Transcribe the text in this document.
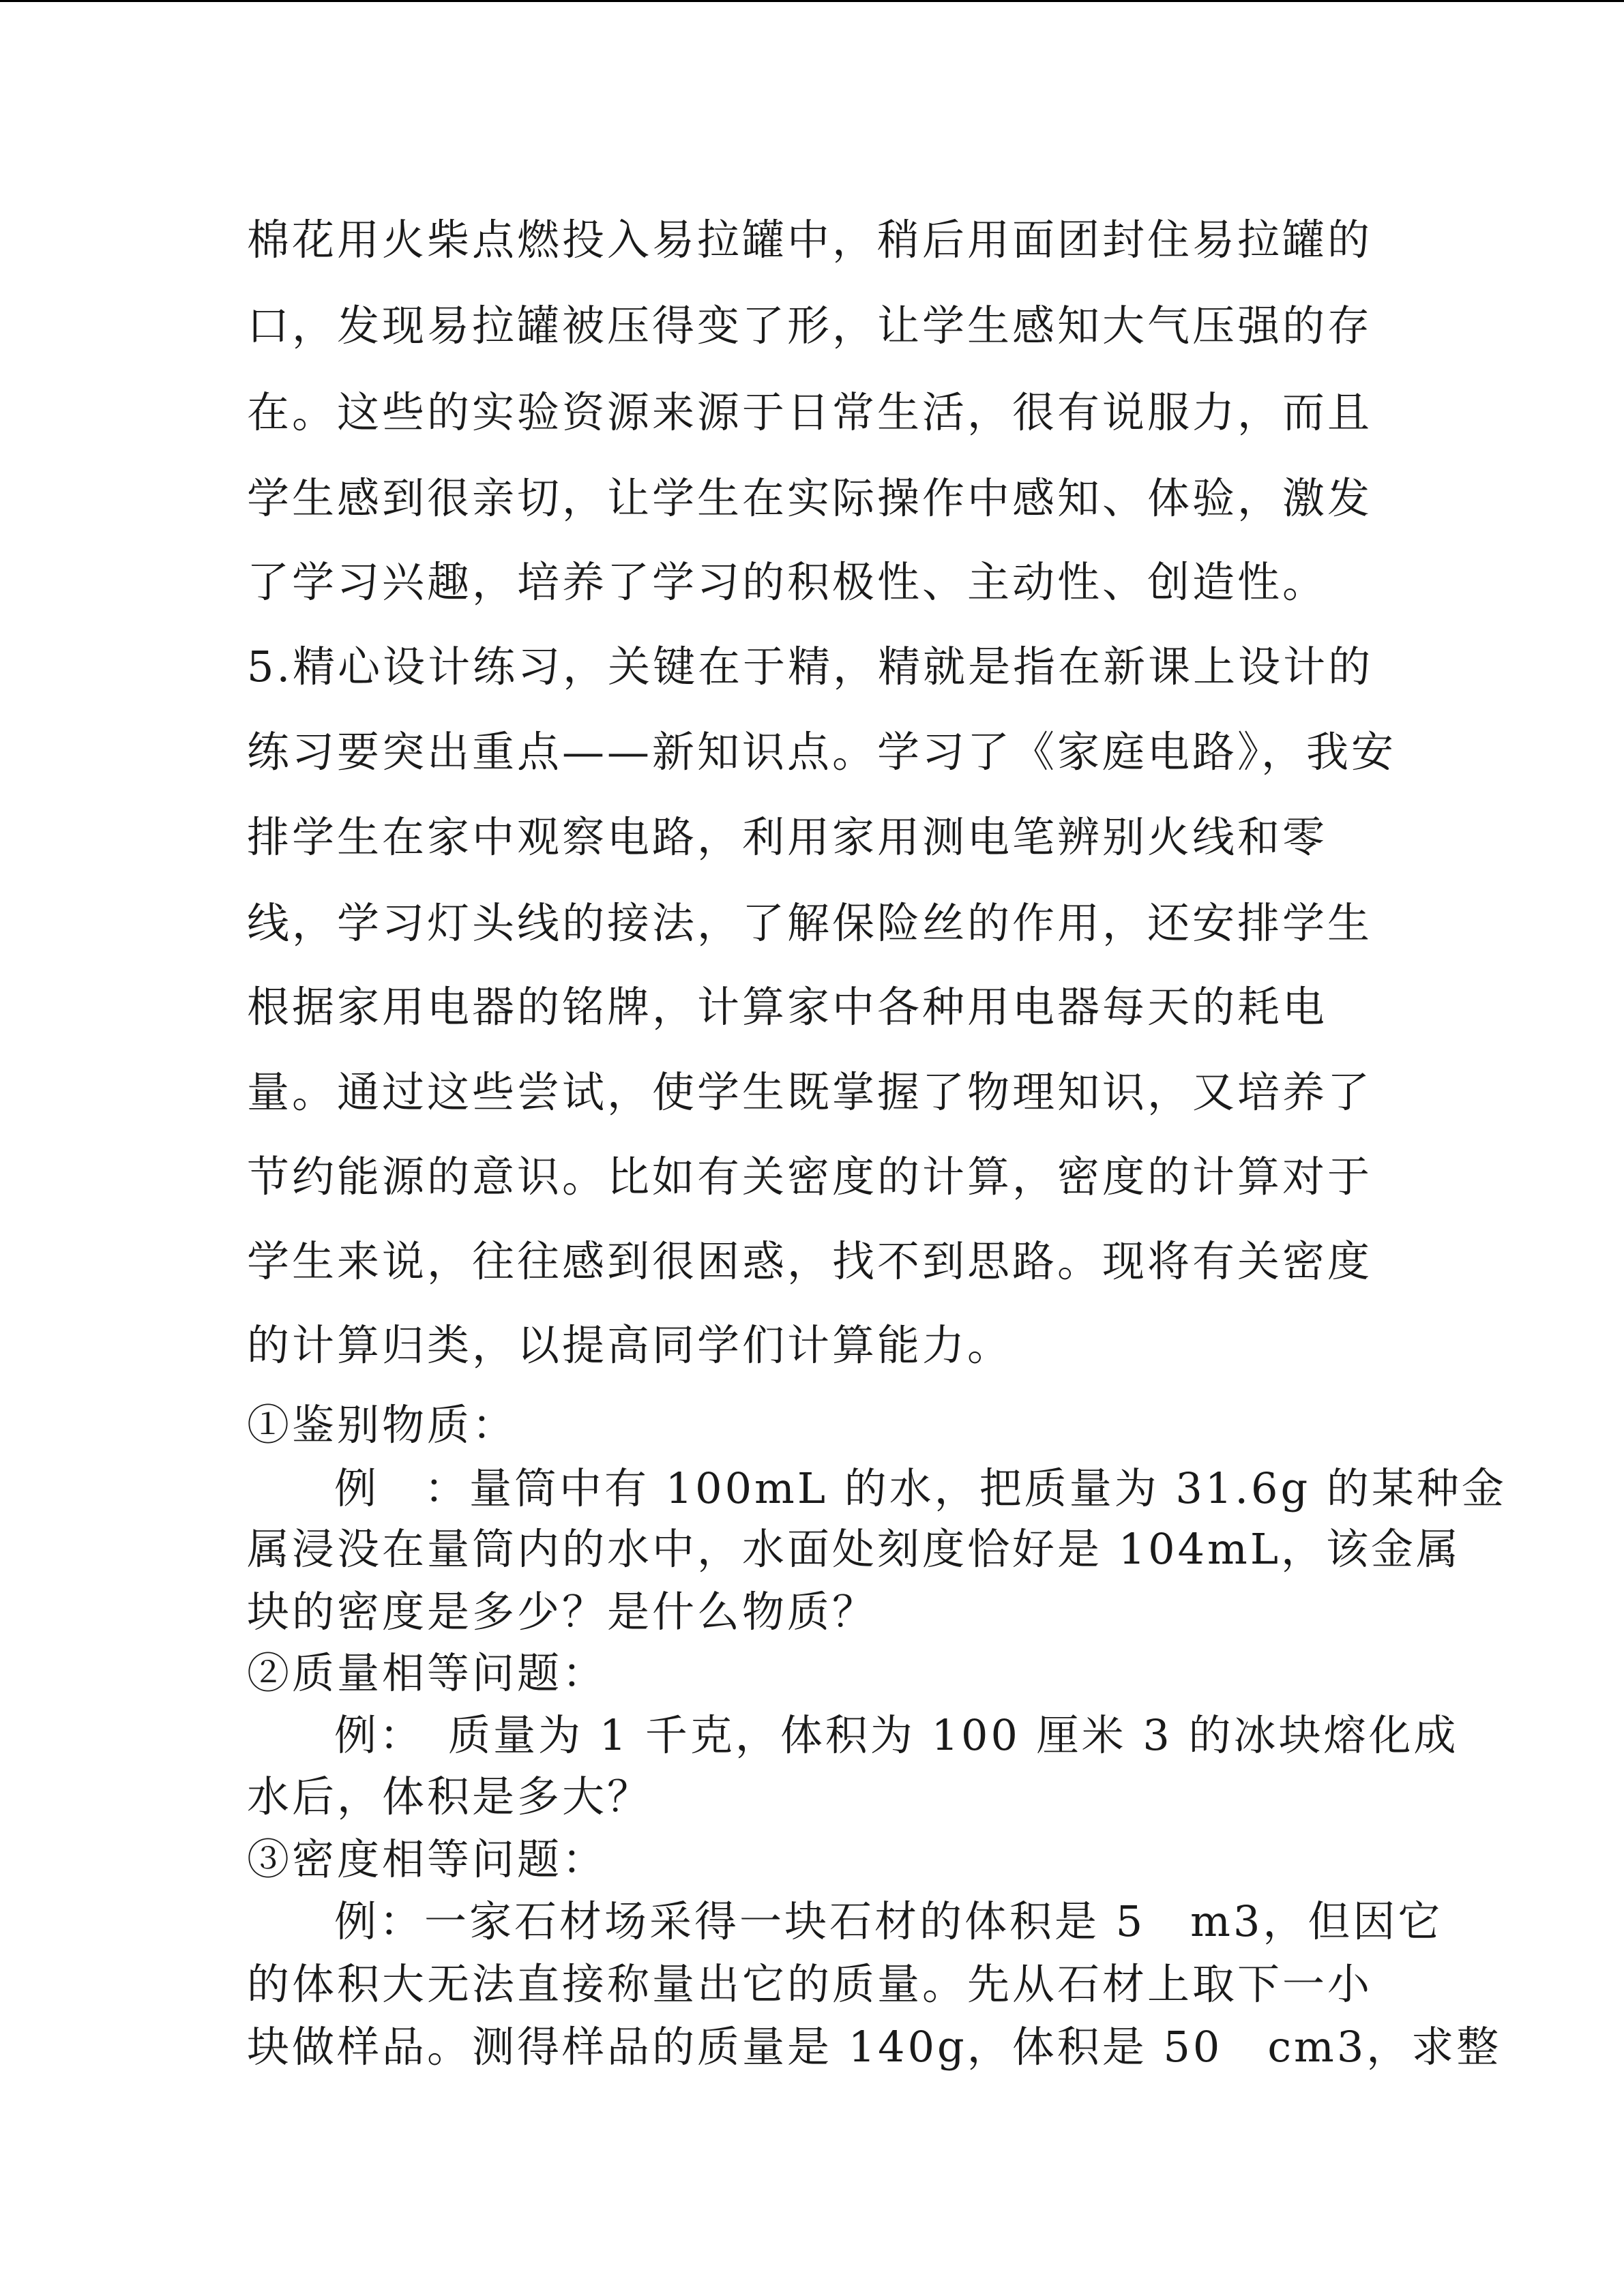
棉花用火柴点燃投入易拉罐中，稍后用面团封住易拉罐的
口，发现易拉罐被压得变了形，让学生感知大气压强的存
在。这些的实验资源来源于日常生活，很有说服力，而且
学生感到很亲切，让学生在实际操作中感知、体验，激发
了学习兴趣，培养了学习的积极性、主动性、创造性。
5.精心设计练习，关键在于精，精就是指在新课上设计的
练习要突出重点——新知识点。学习了《家庭电路》，我安
排学生在家中观察电路，利用家用测电笔辨别火线和零
线，学习灯头线的接法，了解保险丝的作用，还安排学生
根据家用电器的铭牌，计算家中各种用电器每天的耗电
量。通过这些尝试，使学生既掌握了物理知识，又培养了
节约能源的意识。比如有关密度的计算，密度的计算对于
学生来说，往往感到很困惑，找不到思路。现将有关密度
的计算归类，以提高同学们计算能力。
①鉴别物质：
例　：量筒中有 100mL 的水，把质量为 31.6g 的某种金
属浸没在量筒内的水中，水面处刻度恰好是 104mL，该金属
块的密度是多少？是什么物质？
②质量相等问题：
例：　质量为 1 千克，体积为 100 厘米 3 的冰块熔化成
水后，体积是多大？
③密度相等问题：
例：一家石材场采得一块石材的体积是 5　m3，但因它
的体积大无法直接称量出它的质量。先从石材上取下一小
块做样品。测得样品的质量是 140g，体积是 50　cm3，求整
